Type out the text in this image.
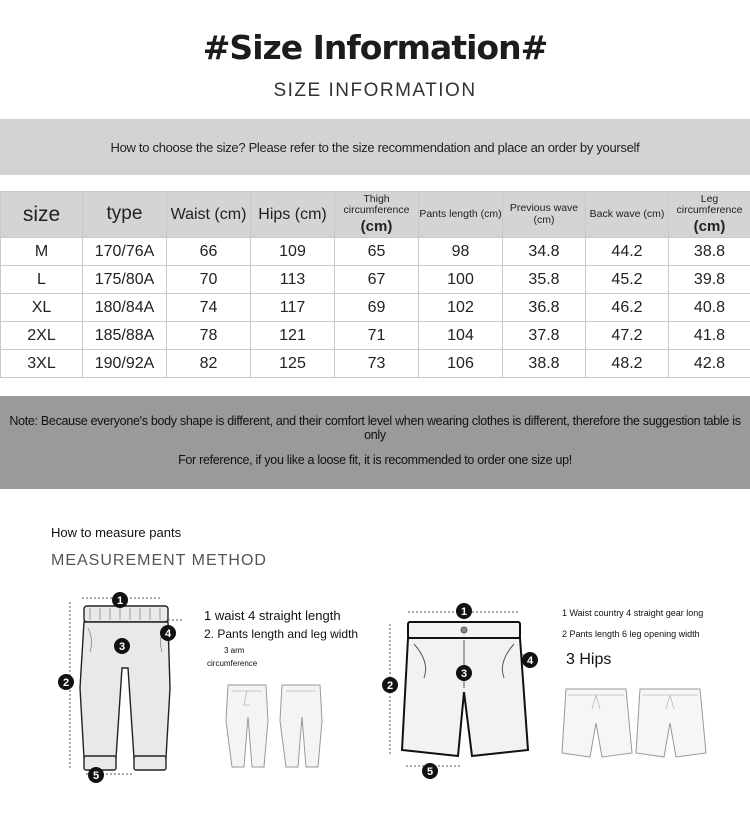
#Size Information#
SIZE INFORMATION
How to choose the size? Please refer to the size recommendation and place an order by yourself
size	type	Waist (cm)	Hips (cm)	Thigh circumference
(cm)	Pants length (cm)	Previous wave (cm)	Back wave (cm)	Leg circumference
(cm)

M	170/76A	66	109	65	98	34.8	44.2	38.8
L	175/80A	70	113	67	100	35.8	45.2	39.8
XL	180/84A	74	117	69	102	36.8	46.2	40.8
2XL	185/88A	78	121	71	104	37.8	47.2	41.8
3XL	190/92A	82	125	73	106	38.8	48.2	42.8
Note: Because everyone's body shape is different, and their comfort level when wearing clothes is different, therefore the suggestion table is only
For reference, if you like a loose fit, it is recommended to order one size up!
How to measure pants
MEASUREMENT METHOD
1
2
3
4
5
1 waist 4 straight length
2. Pants length and leg width
3 arm
circumference
1
2
3
4
5
1 Waist country 4 straight gear long
2 Pants length 6 leg opening width
3 Hips
